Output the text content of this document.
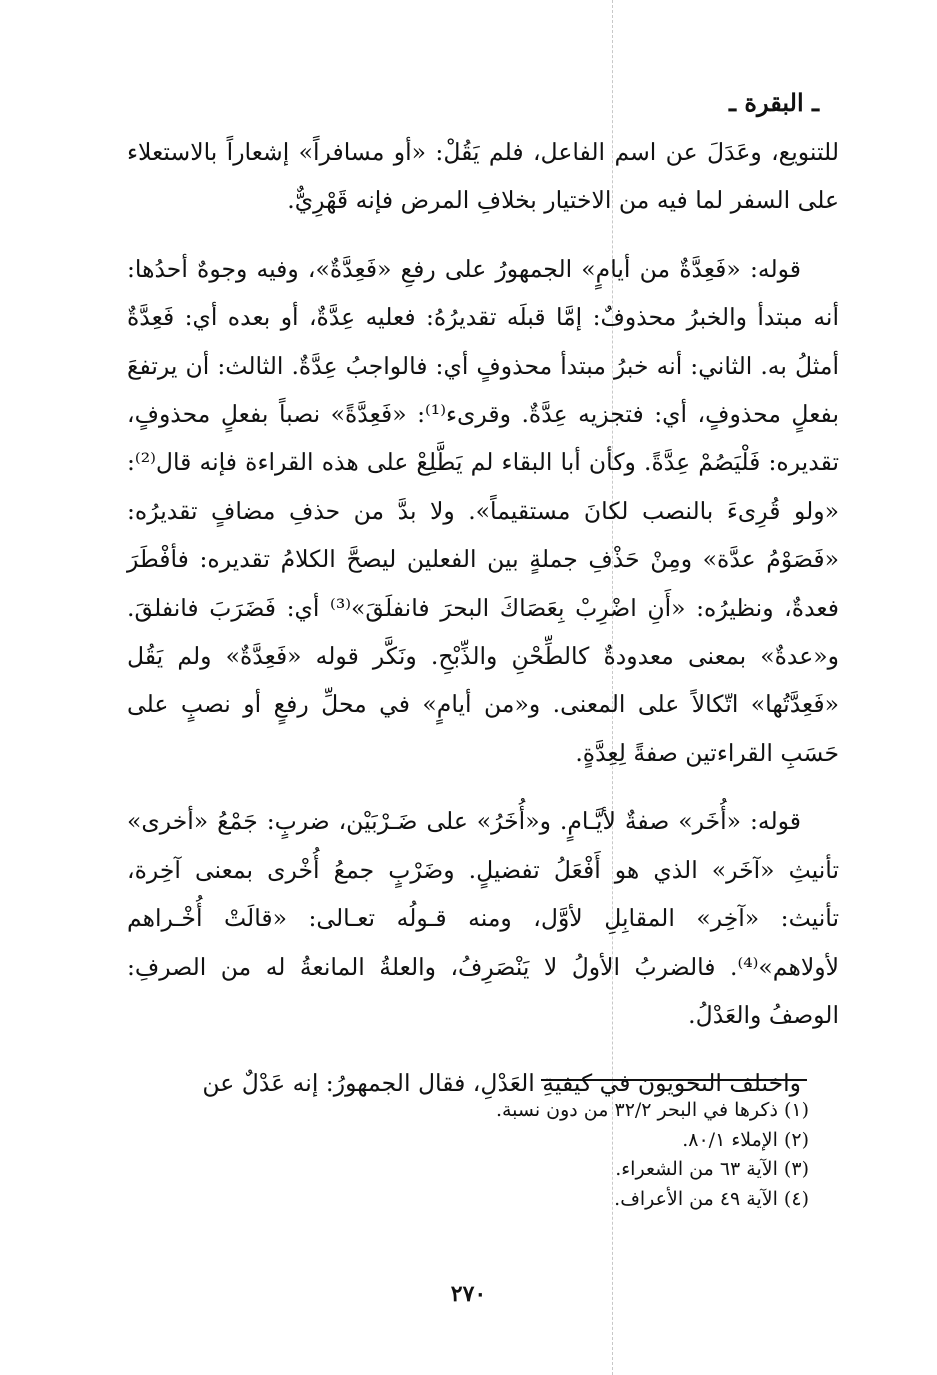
ـ البقرة ـ

للتنويع، وعَدَلَ عن اسم الفاعل، فلم يَقُلْ: «أو مسافراً» إشعاراً بالاستعلاء على السفر لما فيه من الاختيار بخلافِ المرض فإنه قَهْرِيٌّ.

قوله: «فَعِدَّةٌ من أيامٍ» الجمهورُ على رفعِ «فَعِدَّةٌ»، وفيه وجوهٌ أحدُها: أنه مبتدأ والخبرُ محذوفٌ: إمَّا قبلَه تقديرُهُ: فعليه عِدَّةٌ، أو بعده أي: فَعِدَّةٌ أمثلُ به. الثاني: أنه خبرُ مبتدأ محذوفٍ أي: فالواجبُ عِدَّةٌ. الثالث: أن يرتفعَ بفعلٍ محذوفٍ، أي: فتجزيه عِدَّةٌ. وقرىء⁽¹⁾: «فَعِدَّةً» نصباً بفعلٍ محذوفٍ، تقديره: فَلْيَصُمْ عِدَّةً. وكأن أبا البقاء لم يَطَّلِعْ على هذه القراءة فإنه قال⁽²⁾: «ولو قُرِىءَ بالنصب لكانَ مستقيماً». ولا بدَّ من حذفِ مضافٍ تقديرُه: «فَصَوْمُ عدَّة» ومِنْ حَذْفِ جملةٍ بين الفعلين ليصحَّ الكلامُ تقديره: فأفْطَرَ فعدةٌ، ونظيرُه: «أَنِ اضْرِبْ بِعَصَاكَ البحرَ فانفلَقَ»⁽³⁾ أي: فَضَرَبَ فانفلقَ. و«عدةٌ» بمعنى معدودةٌ كالطِّحْنِ والذِّبْحِ. ونَكَّر قوله «فَعِدَّةٌ» ولم يَقُل «فَعِدَّتُها» اتّكالاً على المعنى. و«من أيامٍ» في محلِّ رفعٍ أو نصبٍ على حَسَبِ القراءتين صفةً لِعِدَّةٍ.

قوله: «أُخَر» صفةٌ لأيَّـامٍ. و«أُخَرُ» على ضَـرْبَيْن، ضربٍ: جَمْعُ «أخرى» تأنيثِ «آخَر» الذي هو أَفْعَلُ تفضيلٍ. وضَرْبٍ جمعُ أُخْرى بمعنى آخِرة، تأنيث: «آخِر» المقابِلِ لأوَّل، ومنه قـولُه تعـالى: «قالَتْ أُخْـراهم لأولاهم»⁽⁴⁾. فالضربُ الأولُ لا يَنْصَرِفُ، والعلةُ المانعةُ له من الصرفِ: الوصفُ والعَدْلُ.

واختلف النحويون في كيفيةِ العَدْلِ، فقال الجمهورُ: إنه عَدْلٌ عن

(١) ذكرها في البحر ٣٢/٢ من دون نسبة.
(٢) الإملاء ٨٠/١.
(٣) الآية ٦٣ من الشعراء.
(٤) الآية ٤٩ من الأعراف.
٢٧٠
